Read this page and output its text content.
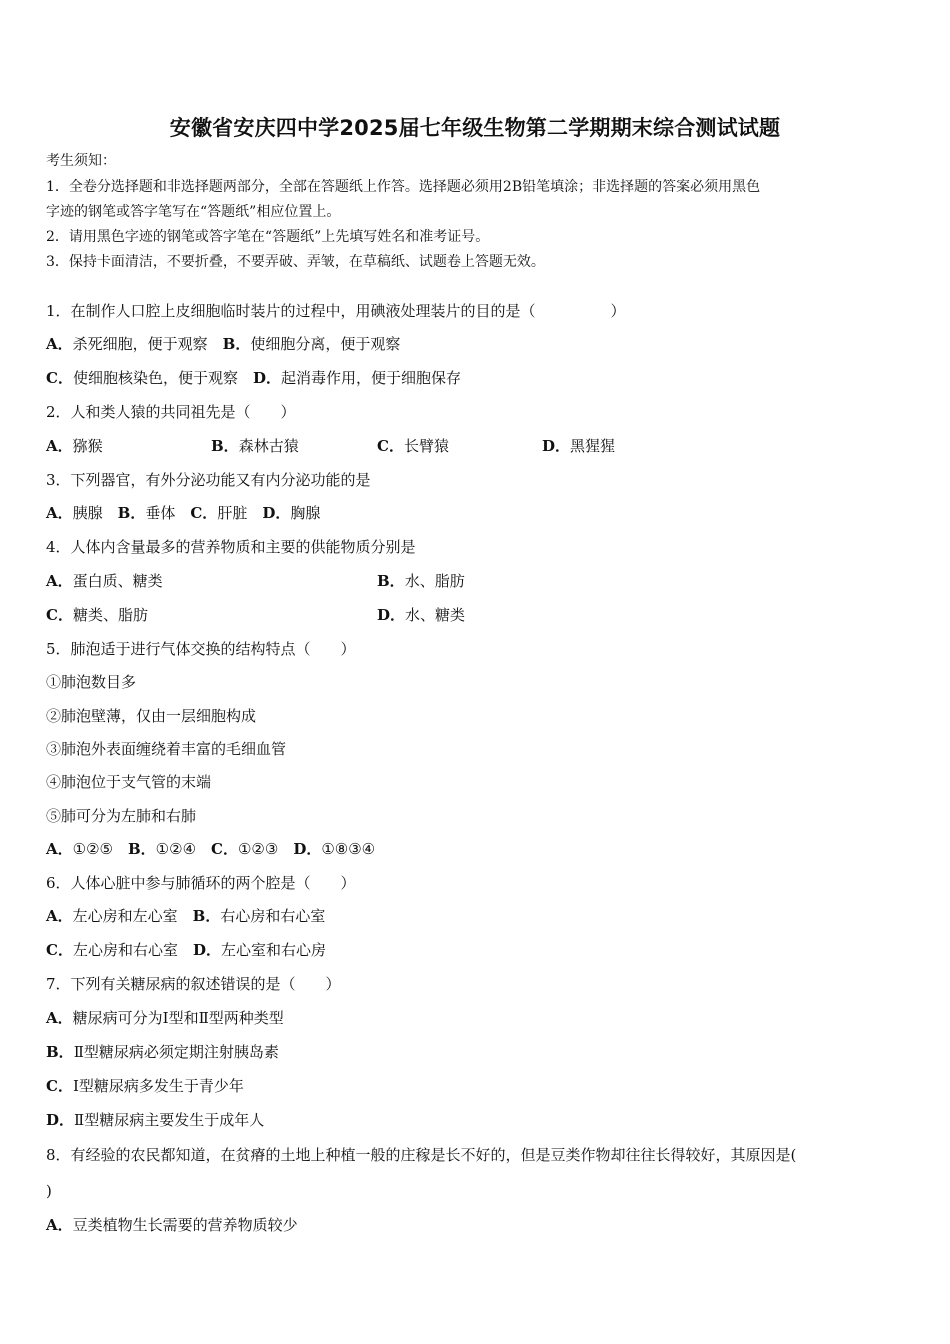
安徽省安庆四中学2025届七年级生物第二学期期末综合测试试题
考生须知：
1．全卷分选择题和非选择题两部分，全部在答题纸上作答。选择题必须用2B铅笔填涂；非选择题的答案必须用黑色
字迹的钢笔或答字笔写在“答题纸”相应位置上。
2．请用黑色字迹的钢笔或答字笔在“答题纸”上先填写姓名和准考证号。
3．保持卡面清洁，不要折叠，不要弄破、弄皱，在草稿纸、试题卷上答题无效。
1．在制作人口腔上皮细胞临时装片的过程中，用碘液处理装片的目的是（　　　　　）
A．杀死细胞，便于观察　B．使细胞分离，便于观察
C．使细胞核染色，便于观察　D．起消毒作用，便于细胞保存
2．人和类人猿的共同祖先是（　　）
A．猕猴	B．森林古猿	C．长臂猿	D．黑猩猩
3．下列器官，有外分泌功能又有内分泌功能的是
A．胰腺　B．垂体　C．肝脏　D．胸腺
4．人体内含量最多的营养物质和主要的供能物质分别是
A．蛋白质、糖类	B．水、脂肪
C．糖类、脂肪	D．水、糖类
5．肺泡适于进行气体交换的结构特点（　　）
①肺泡数目多
②肺泡壁薄，仅由一层细胞构成
③肺泡外表面缠绕着丰富的毛细血管
④肺泡位于支气管的末端
⑤肺可分为左肺和右肺
A．①②⑤　B．①②④　C．①②③　D．①⑧③④
6．人体心脏中参与肺循环的两个腔是（　　）
A．左心房和左心室　B．右心房和右心室
C．左心房和右心室　D．左心室和右心房
7．下列有关糖尿病的叙述错误的是（　　）
A．糖尿病可分为Ⅰ型和Ⅱ型两种类型
B．Ⅱ型糖尿病必须定期注射胰岛素
C．Ⅰ型糖尿病多发生于青少年
D．Ⅱ型糖尿病主要发生于成年人
8．有经验的农民都知道，在贫瘠的土地上种植一般的庄稼是长不好的，但是豆类作物却往往长得较好，其原因是(
)
A．豆类植物生长需要的营养物质较少
